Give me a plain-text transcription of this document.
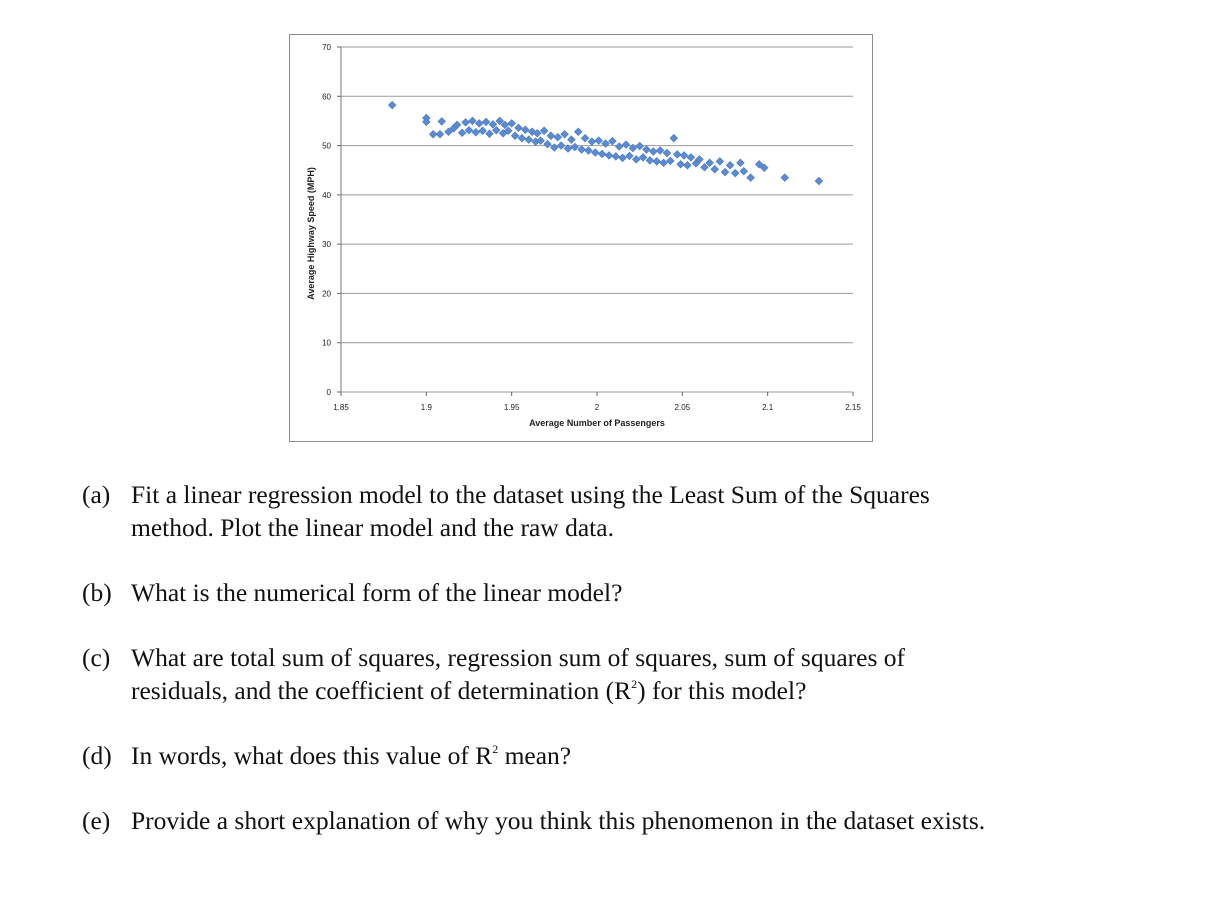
0
10
20
30
40
50
60
70
1.85	1.9	1.95	2	2.05	2.1	2.15
Average Number of Passengers
Average Highway Speed (MPH)
(a) Fit a linear regression model to the dataset using the Least Sum of the Squares
method. Plot the linear model and the raw data.
(b) What is the numerical form of the linear model?
(c) What are total sum of squares, regression sum of squares, sum of squares of
residuals, and the coefficient of determination $(R^2)$ for this model?
(d) In words, what does this value of $R^2$ mean?
(e) Provide a short explanation of why you think this phenomenon in the dataset exists.
